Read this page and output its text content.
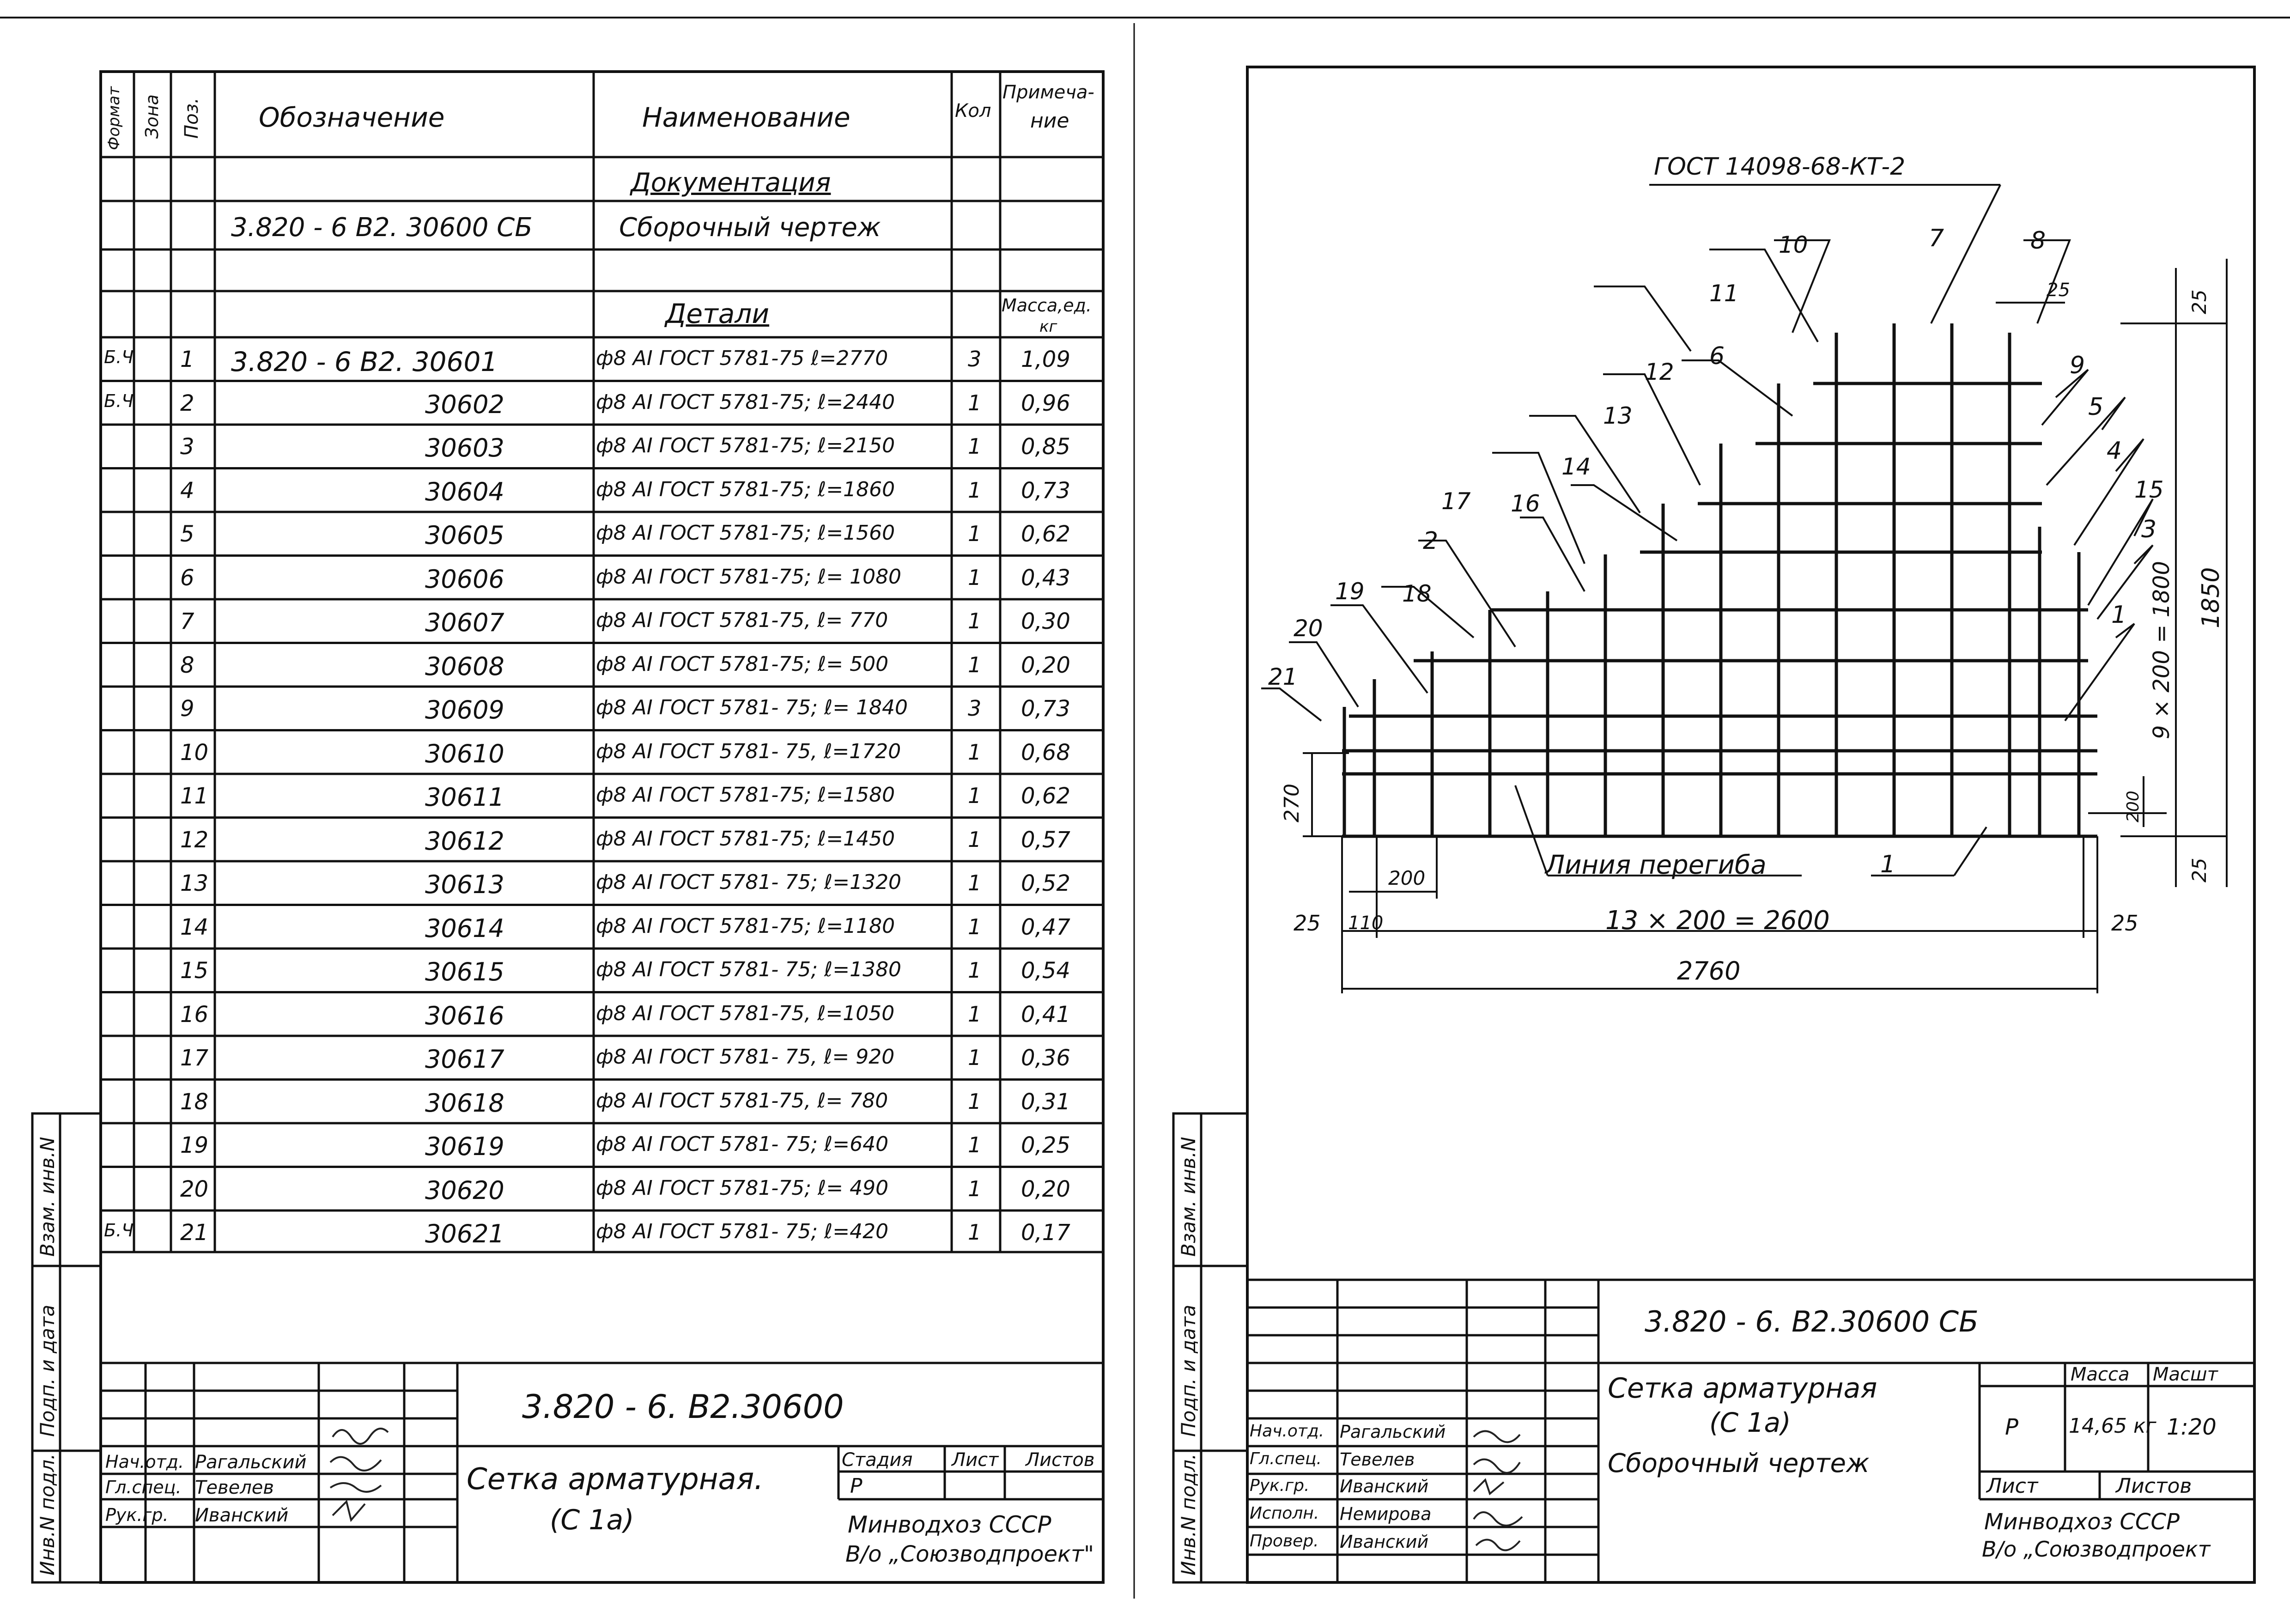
Формат Зона Поз. Обозначение	Наименование	Кол
Примеча-
ние
Документация
3.820 - 6 В2. 30600 СБ	Сборочный чертеж
Детали	Масса,ед.
кг
Б.Ч 1 3.820 - 6 В2. 30601	ф8 АI ГОСТ 5781-75 ℓ=2770	3 1,09
Б.Ч 2	30602	ф8 АI ГОСТ 5781-75; ℓ=2440	1 0,96
3	30603	ф8 АI ГОСТ 5781-75; ℓ=2150	1 0,85
4	30604	ф8 АI ГОСТ 5781-75; ℓ=1860	1 0,73
5	30605	ф8 АI ГОСТ 5781-75; ℓ=1560	1 0,62
6	30606	ф8 АI ГОСТ 5781-75; ℓ= 1080	1 0,43
7	30607	ф8 АI ГОСТ 5781-75, ℓ= 770	1 0,30
8	30608	ф8 АI ГОСТ 5781-75; ℓ= 500	1 0,20
9	30609	ф8 АI ГОСТ 5781- 75; ℓ= 1840	3 0,73
10	30610	ф8 АI ГОСТ 5781- 75, ℓ=1720	1 0,68
11	30611	ф8 АI ГОСТ 5781-75; ℓ=1580	1 0,62
12	30612	ф8 АI ГОСТ 5781-75; ℓ=1450	1 0,57
13	30613	ф8 АI ГОСТ 5781- 75; ℓ=1320	1 0,52
14	30614	ф8 АI ГОСТ 5781-75; ℓ=1180	1 0,47
15	30615	ф8 АI ГОСТ 5781- 75; ℓ=1380	1 0,54
16	30616	ф8 АI ГОСТ 5781-75, ℓ=1050	1 0,41
17	30617	ф8 АI ГОСТ 5781- 75, ℓ= 920	1 0,36
18	30618	ф8 АI ГОСТ 5781-75, ℓ= 780	1 0,31
19	30619	ф8 АI ГОСТ 5781- 75; ℓ=640	1 0,25
20	30620	ф8 АI ГОСТ 5781-75; ℓ= 490	1 0,20
Б.Ч 21	30621	ф8 АI ГОСТ 5781- 75; ℓ=420	1 0,17
Взам. инв.N
Подп. и дата
Инв.N подл.
3.820 - 6. В2.30600
Сетка арматурная.
(С 1а)
Стадия Лист Листов
Р
Минводхоз СССР
В/о „Союзводпроект"
Нач.отд. Рагальский
Гл.спец. Тевелев
Рук.гр. Иванский
ГОСТ 14098-68-КТ-2
Линия перегиба
25	25
9 × 200 = 1800 1850
25
200
270
200
25 110	13 × 200 = 2600	25
2760
7	8
10
11
6
12
13
14
17 16
2
19 18
20
21
9
5
4
15
3
1
1
Взам. инв.N
Подп. и дата
Инв.N подл.
3.820 - 6. В2.30600 СБ
Сетка арматурная
(С 1а)
Сборочный чертеж
Масса Масшт
Р 14,65 кг 1:20
Лист	Листов
Минводхоз СССР
В/о „Союзводпроект
Нач.отд. Рагальский
Гл.спец. Тевелев
Рук.гр. Иванский
Исполн. Немирова
Провер. Иванский
